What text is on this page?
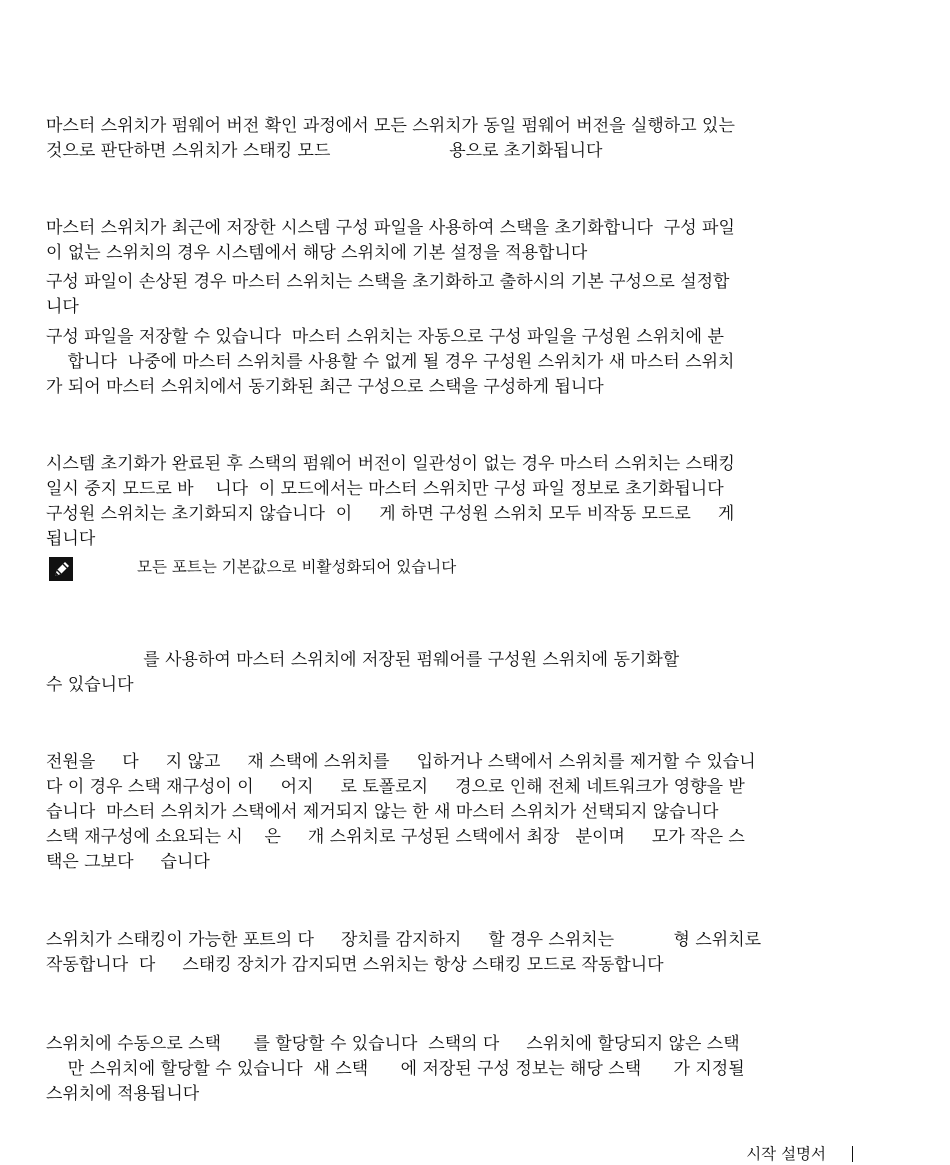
마스터 스위치가 펌웨어 버전 확인 과정에서 모든 스위치가 동일 펌웨어 버전을 실행하고 있는
것으로 판단하면 스위치가 스태킹 모드                      용으로 초기화됩니다

마스터 스위치가 최근에 저장한 시스템 구성 파일을 사용하여 스택을 초기화합니다  구성 파일
이 없는 스위치의 경우 시스템에서 해당 스위치에 기본 설정을 적용합니다

구성 파일이 손상된 경우 마스터 스위치는 스택을 초기화하고 출하시의 기본 구성으로 설정합
니다

구성 파일을 저장할 수 있습니다  마스터 스위치는 자동으로 구성 파일을 구성원 스위치에 분
합니다  나중에 마스터 스위치를 사용할 수 없게 될 경우 구성원 스위치가 새 마스터 스위치
가 되어 마스터 스위치에서 동기화된 최근 구성으로 스택을 구성하게 됩니다

시스템 초기화가 완료된 후 스택의 펌웨어 버전이 일관성이 없는 경우 마스터 스위치는 스태킹
일시 중지 모드로 바    니다  이 모드에서는 마스터 스위치만 구성 파일 정보로 초기화됩니다
구성원 스위치는 초기화되지 않습니다  이     게 하면 구성원 스위치 모두 비작동 모드로     게
됩니다

모든 포트는 기본값으로 비활성화되어 있습니다

를 사용하여 마스터 스위치에 저장된 펌웨어를 구성원 스위치에 동기화할
수 있습니다

전원을     다     지 않고     재 스택에 스위치를     입하거나 스택에서 스위치를 제거할 수 있습니
다 이 경우 스택 재구성이 이     어지     로 토폴로지     경으로 인해 전체 네트워크가 영향을 받
습니다  마스터 스위치가 스택에서 제거되지 않는 한 새 마스터 스위치가 선택되지 않습니다
스택 재구성에 소요되는 시    은     개 스위치로 구성된 스택에서 최장   분이며     모가 작은 스
택은 그보다     습니다

스위치가 스태킹이 가능한 포트의 다     장치를 감지하지     할 경우 스위치는           형 스위치로
작동합니다  다     스태킹 장치가 감지되면 스위치는 항상 스태킹 모드로 작동합니다

스위치에 수동으로 스택      를 할당할 수 있습니다  스택의 다     스위치에 할당되지 않은 스택
만 스위치에 할당할 수 있습니다  새 스택      에 저장된 구성 정보는 해당 스택      가 지정될
스위치에 적용됩니다

시작 설명서
